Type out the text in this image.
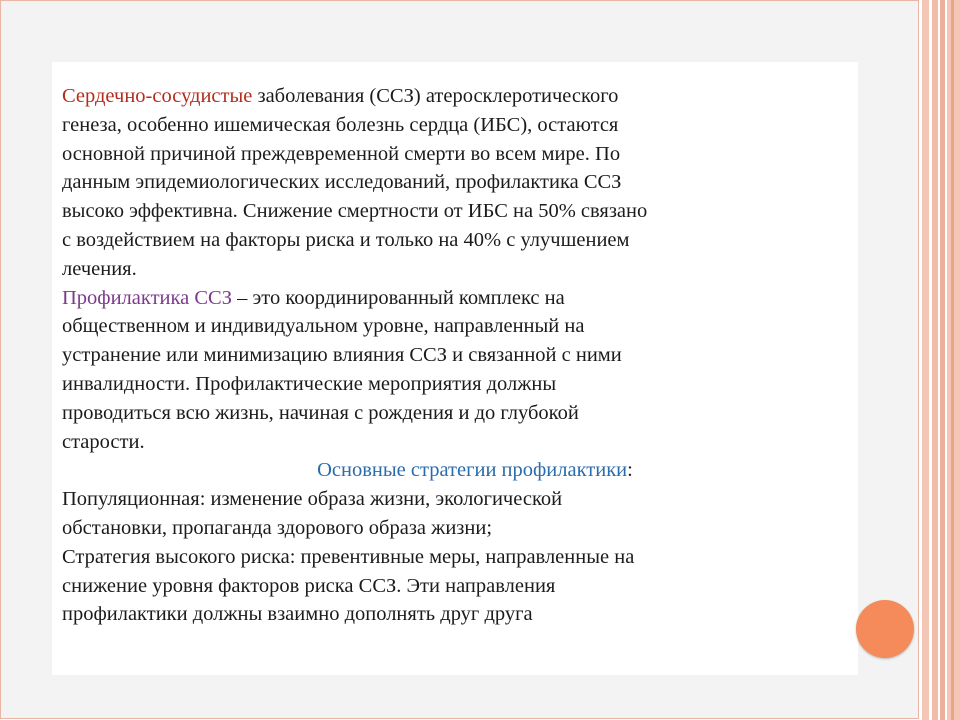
Сердечно-сосудистые заболевания (ССЗ) атеросклеротического
генеза, особенно ишемическая болезнь сердца (ИБС), остаются
основной причиной преждевременной смерти во всем мире. По
данным эпидемиологических исследований, профилактика ССЗ
высоко эффективна. Снижение смертности от ИБС на 50% связано
с воздействием на факторы риска и только на 40% с улучшением
лечения.

Профилактика ССЗ – это координированный комплекс на
общественном и индивидуальном уровне, направленный на
устранение или минимизацию влияния ССЗ и связанной с ними
инвалидности. Профилактические мероприятия должны
проводиться всю жизнь, начиная с рождения и до глубокой
старости.

Основные стратегии профилактики:

Популяционная: изменение образа жизни, экологической
обстановки, пропаганда здорового образа жизни;

Стратегия высокого риска: превентивные меры, направленные на
снижение уровня факторов риска ССЗ. Эти направления
профилактики должны взаимно дополнять друг друга
